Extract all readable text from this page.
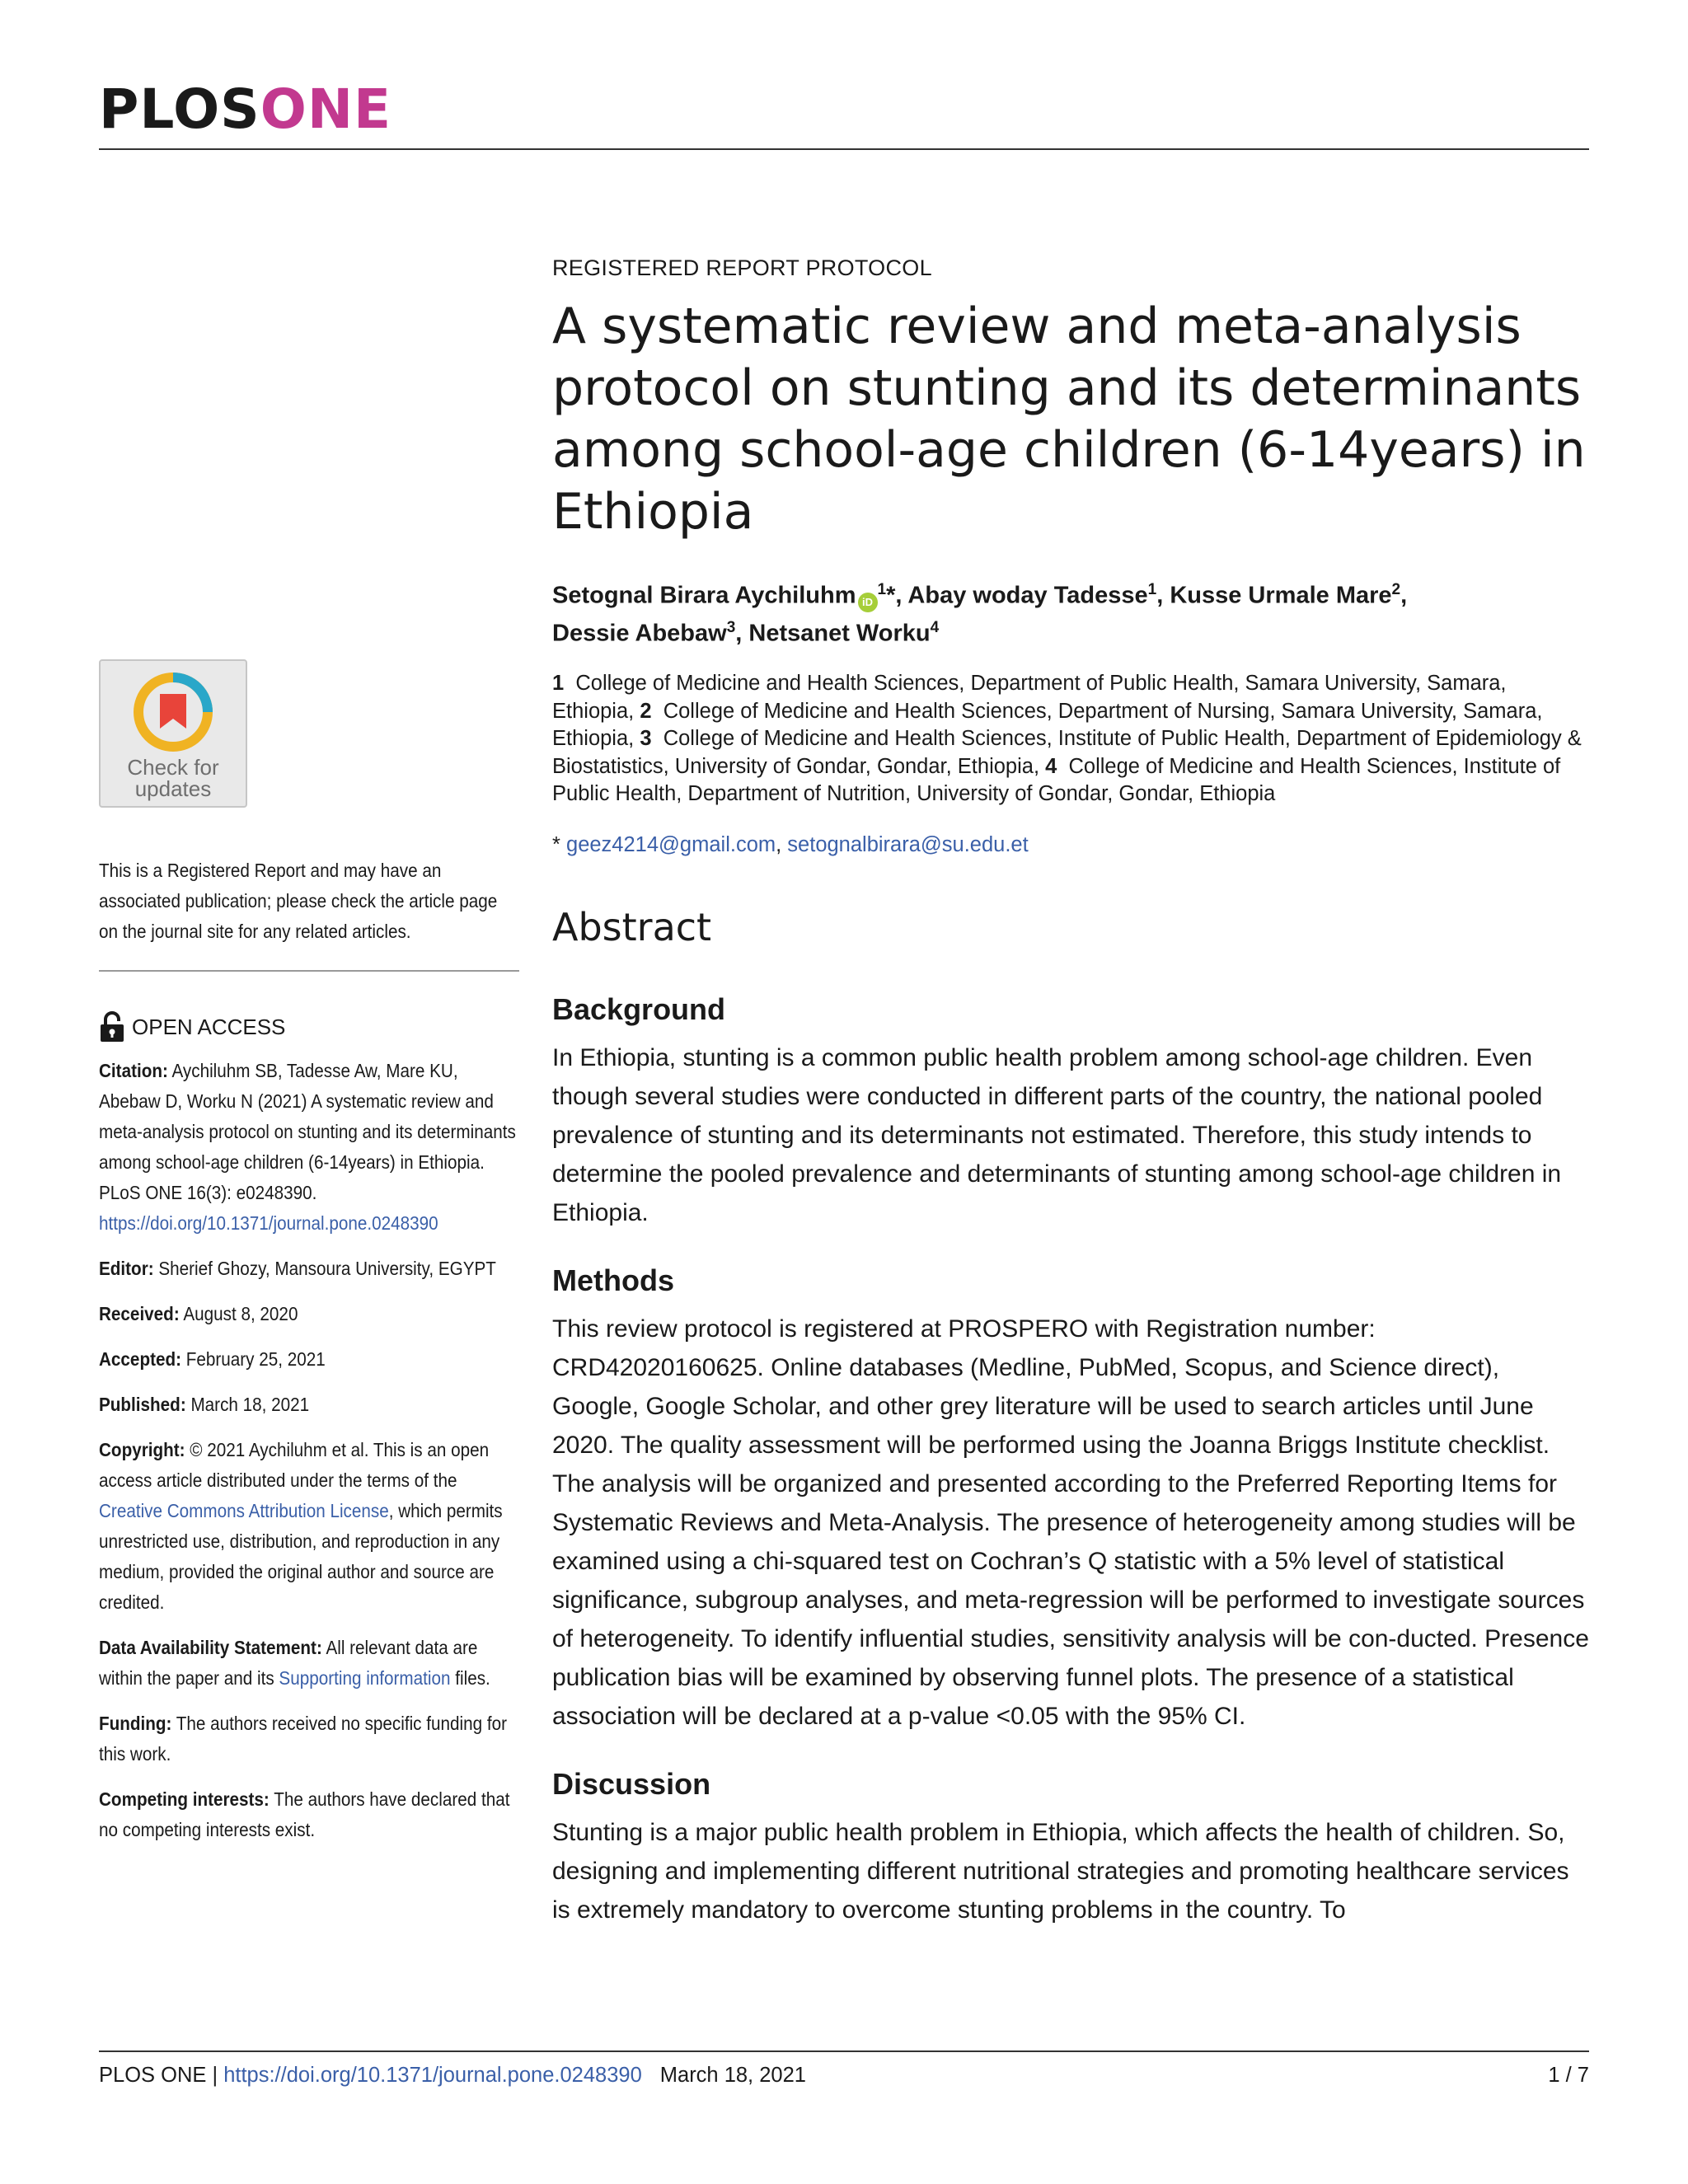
PLOSONE
REGISTERED REPORT PROTOCOL
A systematic review and meta-analysis protocol on stunting and its determinants among school-age children (6-14years) in Ethiopia
Setognal Birara Aychiluhm $iD^1*$, Abay woday Tadesse$^1$, Kusse Urmale Mare$^2$,
Dessie Abebaw$^3$, Netsanet Worku$^4$
1 College of Medicine and Health Sciences, Department of Public Health, Samara University, Samara, Ethiopia, 2 College of Medicine and Health Sciences, Department of Nursing, Samara University, Samara, Ethiopia, 3 College of Medicine and Health Sciences, Institute of Public Health, Department of Epidemiology & Biostatistics, University of Gondar, Gondar, Ethiopia, 4 College of Medicine and Health Sciences, Institute of Public Health, Department of Nutrition, University of Gondar, Gondar, Ethiopia
* geez4214@gmail.com, setognalbirara@su.edu.et
Abstract
Background

In Ethiopia, stunting is a common public health problem among school-age children. Even though several studies were conducted in different parts of the country, the national pooled prevalence of stunting and its determinants not estimated. Therefore, this study intends to determine the pooled prevalence and determinants of stunting among school-age children in Ethiopia.

Methods

This review protocol is registered at PROSPERO with Registration number: CRD42020160625. Online databases (Medline, PubMed, Scopus, and Science direct), Google, Google Scholar, and other grey literature will be used to search articles until June 2020. The quality assessment will be performed using the Joanna Briggs Institute checklist. The analysis will be organized and presented according to the Preferred Reporting Items for Systematic Reviews and Meta-Analysis. The presence of heterogeneity among studies will be examined using a chi-squared test on Cochran’s Q statistic with a 5% level of statistical significance, subgroup analyses, and meta-regression will be performed to investigate sources of heterogeneity. To identify influential studies, sensitivity analysis will be con-ducted. Presence publication bias will be examined by observing funnel plots. The presence of a statistical association will be declared at a p-value <0.05 with the 95% CI.

Discussion

Stunting is a major public health problem in Ethiopia, which affects the health of children. So, designing and implementing different nutritional strategies and promoting healthcare services is extremely mandatory to overcome stunting problems in the country. To

Check for
updates
This is a Registered Report and may have an associated publication; please check the article page on the journal site for any related articles.
OPEN ACCESS
Citation: Aychiluhm SB, Tadesse Aw, Mare KU, Abebaw D, Worku N (2021) A systematic review and meta-analysis protocol on stunting and its determinants among school-age children (6-14years) in Ethiopia. PLoS ONE 16(3): e0248390. https://doi.org/10.1371/journal.pone.0248390
Editor: Sherief Ghozy, Mansoura University, EGYPT
Received: August 8, 2020
Accepted: February 25, 2021
Published: March 18, 2021
Copyright: © 2021 Aychiluhm et al. This is an open access article distributed under the terms of the Creative Commons Attribution License, which permits unrestricted use, distribution, and reproduction in any medium, provided the original author and source are credited.
Data Availability Statement: All relevant data are within the paper and its Supporting information files.
Funding: The authors received no specific funding for this work.
Competing interests: The authors have declared that no competing interests exist.
PLOS ONE | https://doi.org/10.1371/journal.pone.0248390 March 18, 2021	1 / 7
